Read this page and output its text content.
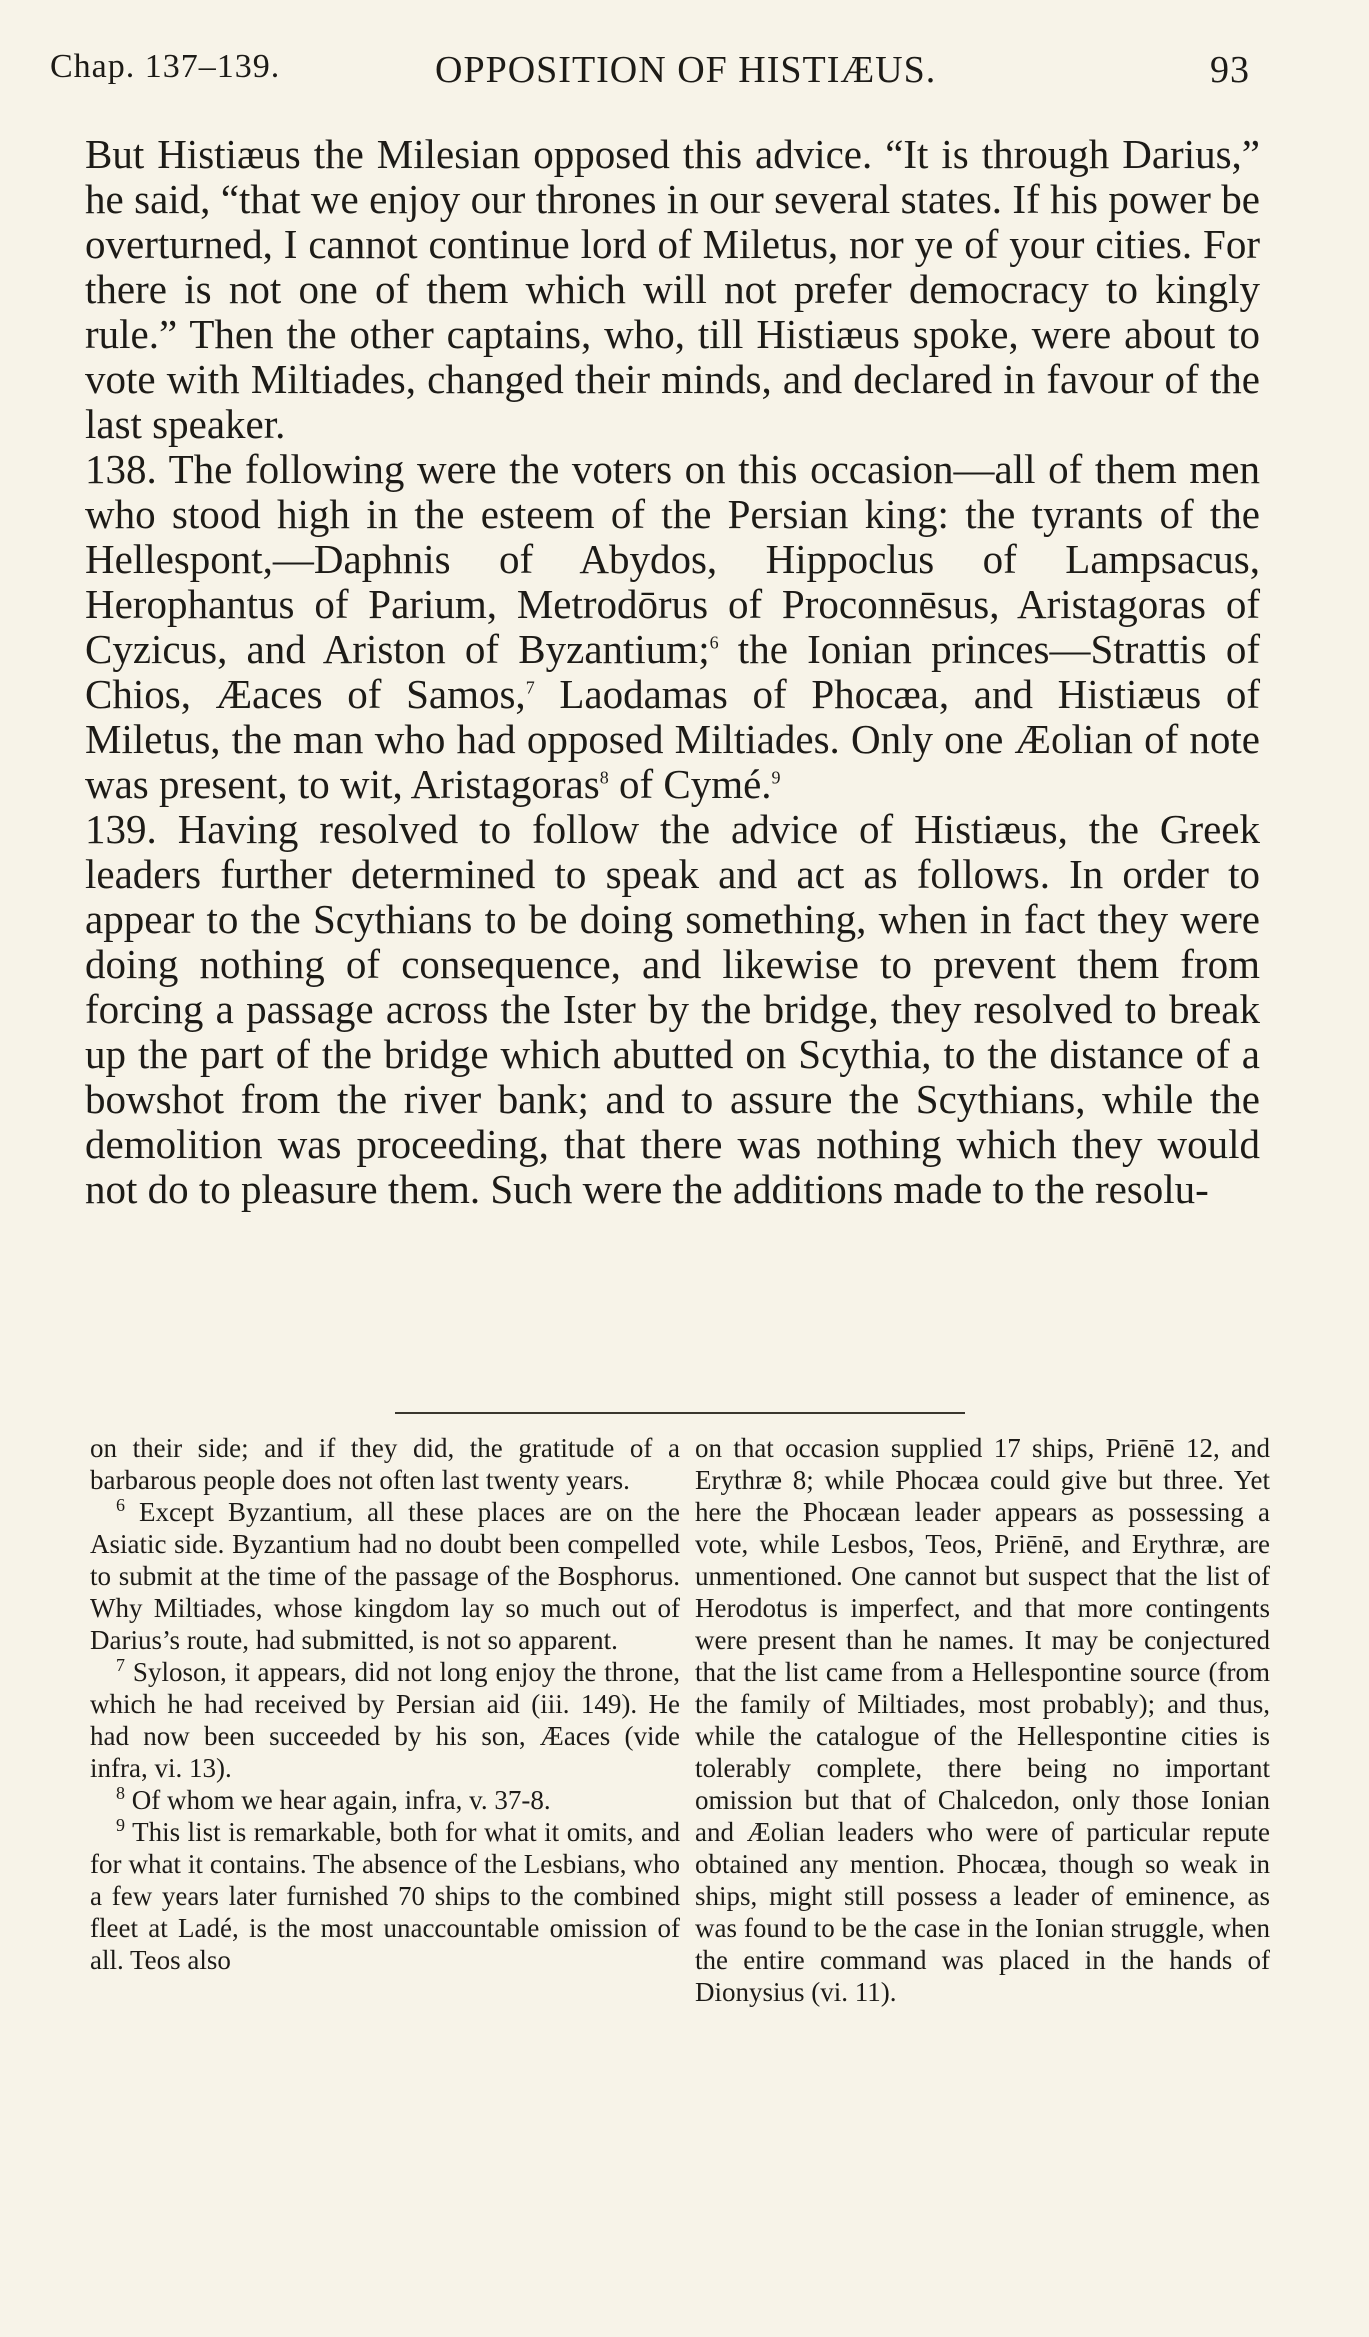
Chap. 137–139.	OPPOSITION OF HISTIÆUS.	93

But Histiæus the Milesian opposed this advice. “It is through Darius,” he said, “that we enjoy our thrones in our several states. If his power be overturned, I cannot continue lord of Miletus, nor ye of your cities. For there is not one of them which will not prefer democracy to kingly rule.” Then the other captains, who, till Histiæus spoke, were about to vote with Miltiades, changed their minds, and declared in favour of the last speaker.

138. The following were the voters on this occasion—all of them men who stood high in the esteem of the Persian king: the tyrants of the Hellespont,—Daphnis of Abydos, Hippoclus of Lampsacus, Herophantus of Parium, Metrodōrus of Proconnēsus, Aristagoras of Cyzicus, and Ariston of Byzantium;$^6$ the Ionian princes—Strattis of Chios, Æaces of Samos,$^7$ Laodamas of Phocæa, and Histiæus of Miletus, the man who had opposed Miltiades. Only one Æolian of note was present, to wit, Aristagoras$^8$ of Cymé.$^9$

139. Having resolved to follow the advice of Histiæus, the Greek leaders further determined to speak and act as follows. In order to appear to the Scythians to be doing something, when in fact they were doing nothing of consequence, and likewise to prevent them from forcing a passage across the Ister by the bridge, they resolved to break up the part of the bridge which abutted on Scythia, to the distance of a bowshot from the river bank; and to assure the Scythians, while the demolition was proceeding, that there was nothing which they would not do to pleasure them. Such were the additions made to the resolu-

on their side; and if they did, the gratitude of a barbarous people does not often last twenty years.

$^6$ Except Byzantium, all these places are on the Asiatic side. Byzantium had no doubt been compelled to submit at the time of the passage of the Bosphorus. Why Miltiades, whose kingdom lay so much out of Darius’s route, had submitted, is not so apparent.

$^7$ Syloson, it appears, did not long enjoy the throne, which he had received by Persian aid (iii. 149). He had now been succeeded by his son, Æaces (vide infra, vi. 13).

$^8$ Of whom we hear again, infra, v. 37-8.

$^9$ This list is remarkable, both for what it omits, and for what it contains. The absence of the Lesbians, who a few years later furnished 70 ships to the combined fleet at Ladé, is the most unaccountable omission of all. Teos also

on that occasion supplied 17 ships, Priēnē 12, and Erythræ 8; while Phocæa could give but three. Yet here the Phocæan leader appears as possessing a vote, while Lesbos, Teos, Priēnē, and Erythræ, are unmentioned. One cannot but suspect that the list of Herodotus is imperfect, and that more contingents were present than he names. It may be conjectured that the list came from a Hellespontine source (from the family of Miltiades, most probably); and thus, while the catalogue of the Hellespontine cities is tolerably complete, there being no important omission but that of Chalcedon, only those Ionian and Æolian leaders who were of particular repute obtained any mention. Phocæa, though so weak in ships, might still possess a leader of eminence, as was found to be the case in the Ionian struggle, when the entire command was placed in the hands of Dionysius (vi. 11).
